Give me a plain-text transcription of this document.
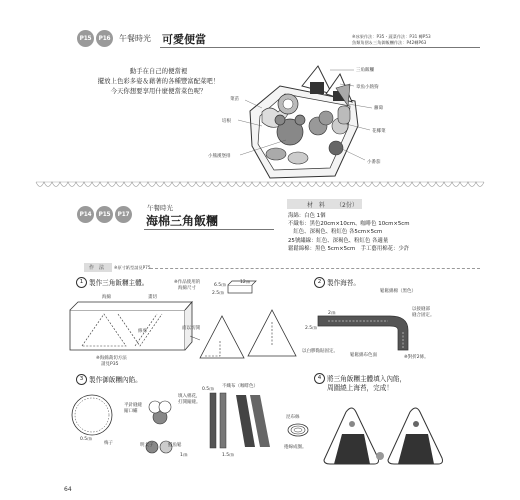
P15	P16	午餐時光 可愛便當	※冰果作法：P35・蔬菜作法：P31 轉P53
魚類角摺＆三角御飯糰作法：P42轉P63
動手在自己的便當裡
擺放上色彩多姿＆藉著的各種豐富配菜吧！
今天你想要享用什麼便當菜色呢？
三角飯糰
章魚小熱狗
蘿蔔
花椰菜
小番茄
菜苗
培根
小熊漢堡排
P14	P15	P17
午餐時光
海棉三角飯糰
材　料 （2份）
海綿：白色 1個
不織布：黑色20cm×10cm、咖啡色 10cm×5cm
　紅色、深褐色、粉紅色 各5cm×5cm
25號繡線：紅色、深褐色、粉紅色 各適量
鬆鬆綿棉：黑色 5cm×5cm　手工藝用棉花：少許
作　法 ※原寸紙型請見P75
1 製作三角飯糰主體。
海綿	畫切
※作品使用的
海綿尺寸
12㎝
6.5㎝
2.5㎝
※海綿裁切方法
請見P35
面以切開
修剪
2 製作海苔。
鬆鬆綿棉（黑色）
2㎝
2.5㎝
以接縫部
縫合固定。
以白膠黏貼固定。
鬆鬆綿布色面	※對折2條。
3 製作御飯糰內餡。
平針縫縫
縮口繡
填入棉花，
打開縮縫。
0.5㎝
梅子	明太子	鮭魚鬆
1㎝
不織布（咖啡色）
0.5㎝
昆布絲
1.5㎝
捲線成圈。
4 將三角飯糰主體填入內餡，
周圍繞上海苔，完成！
64
